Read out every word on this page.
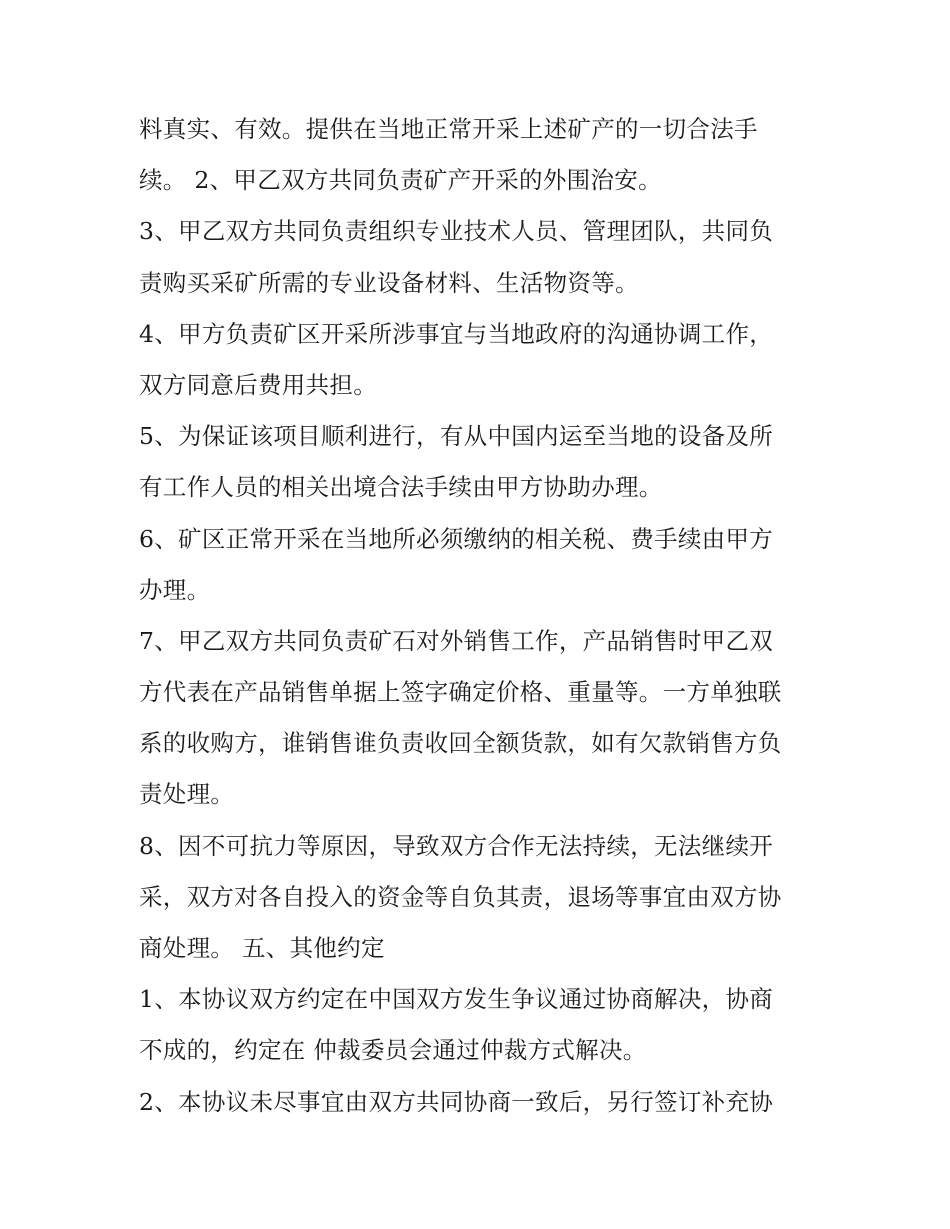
料真实、有效。提供在当地正常开采上述矿产的一切合法手
续。 2、甲乙双方共同负责矿产开采的外围治安。
3、甲乙双方共同负责组织专业技术人员、管理团队，共同负
责购买采矿所需的专业设备材料、生活物资等。
4、甲方负责矿区开采所涉事宜与当地政府的沟通协调工作，
双方同意后费用共担。
5、为保证该项目顺利进行，有从中国内运至当地的设备及所
有工作人员的相关出境合法手续由甲方协助办理。
6、矿区正常开采在当地所必须缴纳的相关税、费手续由甲方
办理。
7、甲乙双方共同负责矿石对外销售工作，产品销售时甲乙双
方代表在产品销售单据上签字确定价格、重量等。一方单独联
系的收购方，谁销售谁负责收回全额货款，如有欠款销售方负
责处理。
8、因不可抗力等原因，导致双方合作无法持续，无法继续开
采，双方对各自投入的资金等自负其责，退场等事宜由双方协
商处理。 五、其他约定
1、本协议双方约定在中国双方发生争议通过协商解决，协商
不成的，约定在 仲裁委员会通过仲裁方式解决。
2、本协议未尽事宜由双方共同协商一致后，另行签订补充协
